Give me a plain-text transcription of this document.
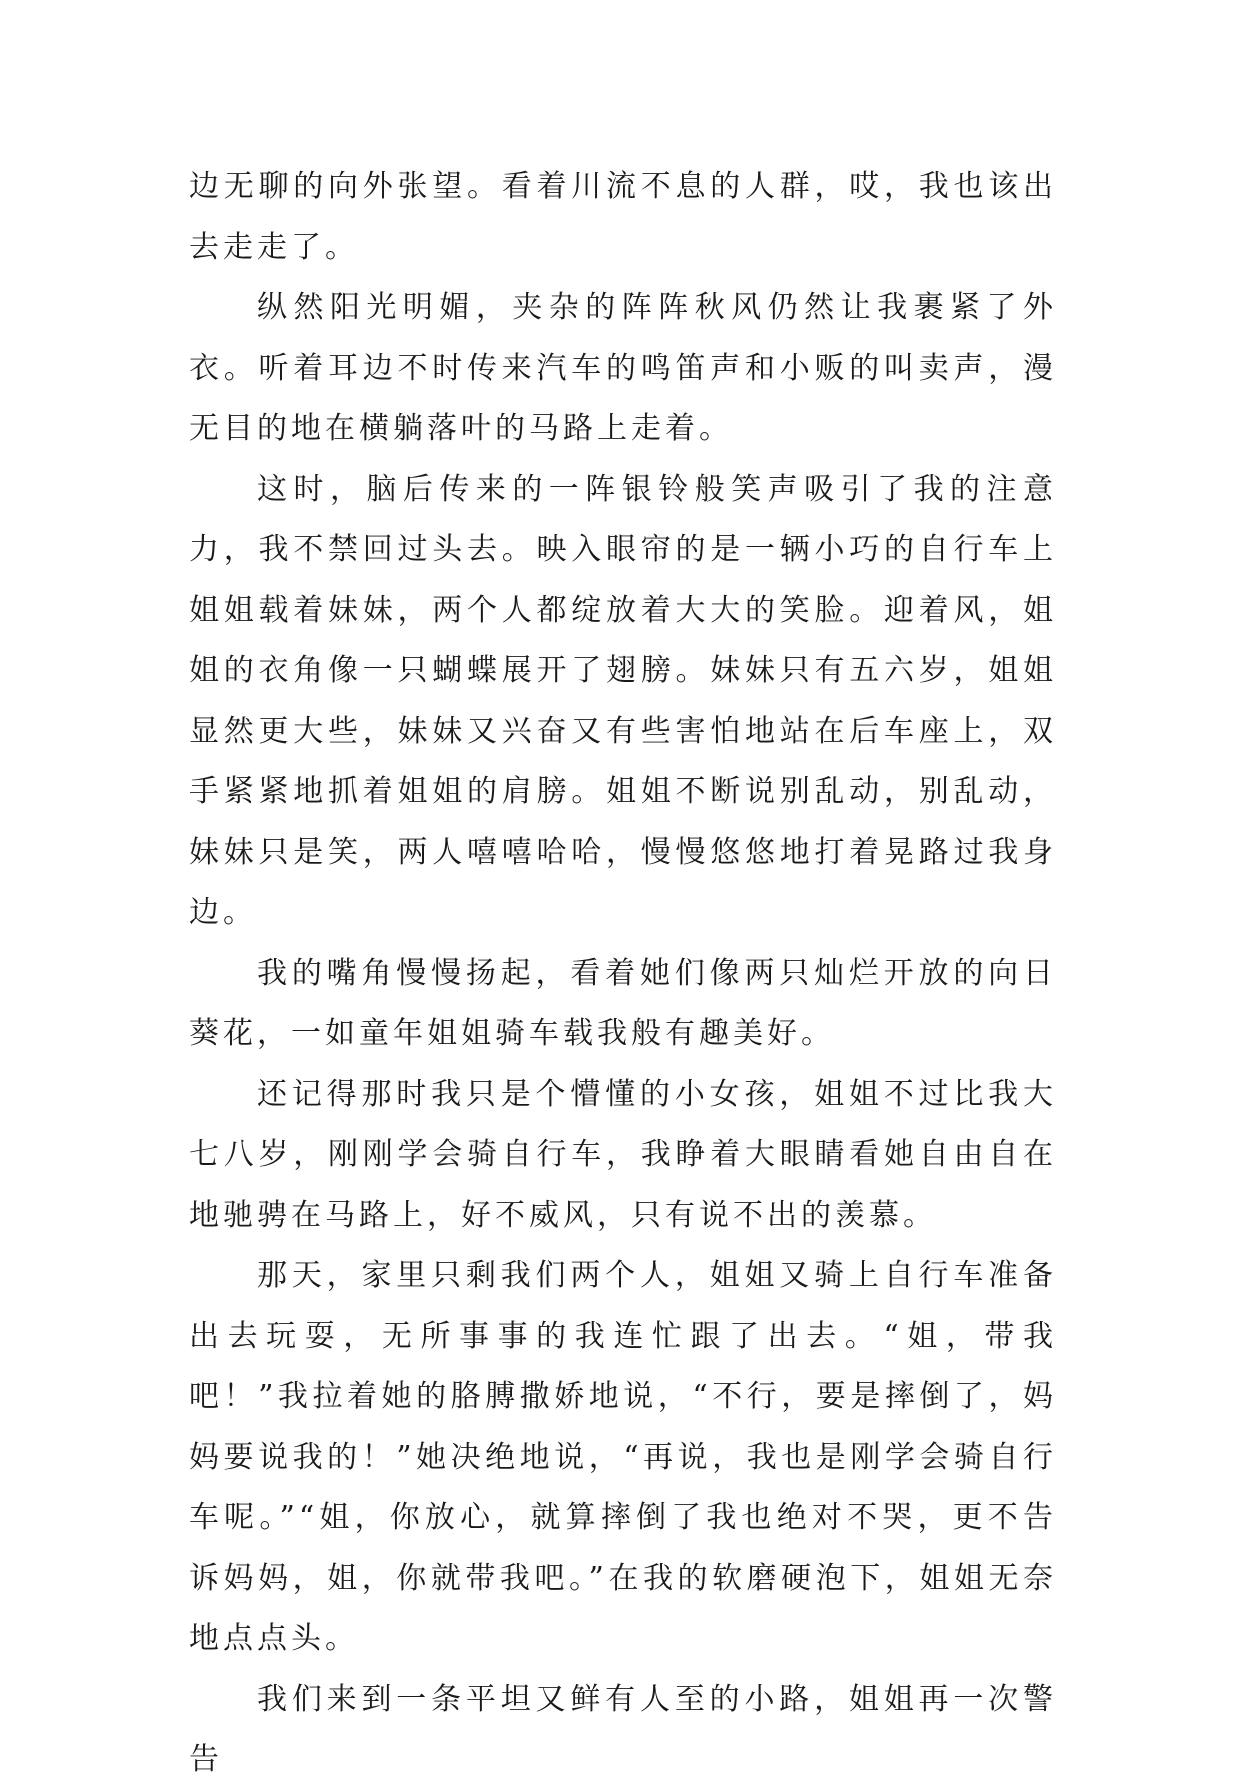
边无聊的向外张望。看着川流不息的人群，哎，我也该出去走走了。

纵然阳光明媚，夹杂的阵阵秋风仍然让我裹紧了外衣。听着耳边不时传来汽车的鸣笛声和小贩的叫卖声，漫无目的地在横躺落叶的马路上走着。

这时，脑后传来的一阵银铃般笑声吸引了我的注意力，我不禁回过头去。映入眼帘的是一辆小巧的自行车上姐姐载着妹妹，两个人都绽放着大大的笑脸。迎着风，姐姐的衣角像一只蝴蝶展开了翅膀。妹妹只有五六岁，姐姐显然更大些，妹妹又兴奋又有些害怕地站在后车座上，双手紧紧地抓着姐姐的肩膀。姐姐不断说别乱动，别乱动，妹妹只是笑，两人嘻嘻哈哈，慢慢悠悠地打着晃路过我身边。

我的嘴角慢慢扬起，看着她们像两只灿烂开放的向日葵花，一如童年姐姐骑车载我般有趣美好。

还记得那时我只是个懵懂的小女孩，姐姐不过比我大七八岁，刚刚学会骑自行车，我睁着大眼睛看她自由自在地驰骋在马路上，好不威风，只有说不出的羡慕。

那天，家里只剩我们两个人，姐姐又骑上自行车准备出去玩耍，无所事事的我连忙跟了出去。“姐，带我吧！”我拉着她的胳膊撒娇地说，“不行，要是摔倒了，妈妈要说我的！”她决绝地说，“再说，我也是刚学会骑自行车呢。”“姐，你放心，就算摔倒了我也绝对不哭，更不告诉妈妈，姐，你就带我吧。”在我的软磨硬泡下，姐姐无奈地点点头。

我们来到一条平坦又鲜有人至的小路，姐姐再一次警告
